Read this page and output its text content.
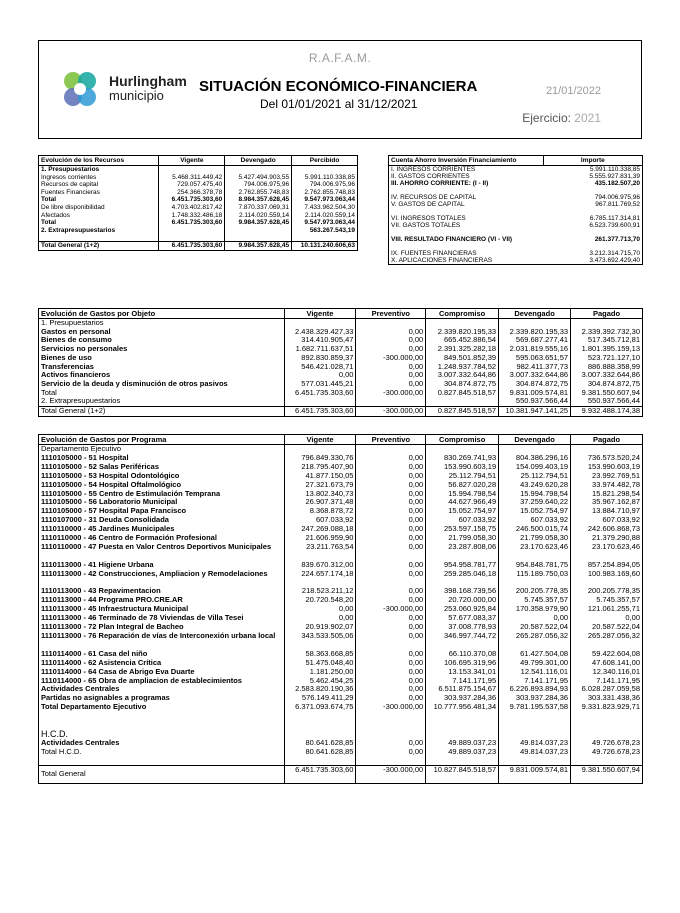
R.A.F.A.M.
Hurlingham
municipio
SITUACIÓN ECONÓMICO-FINANCIERA
Del 01/01/2021 al 31/12/2021
21/01/2022
Ejercicio: 2021
Evolución de los Recursos	Vigente	Devengado	Percibido
1. Presupuestarios			
Ingresos corrientes	5.468.311.449,42	5.427.494.903,55	5.991.110.338,85
Recursos de capital	729.057.475,40	794.006.975,96	794.006.975,96
Fuentes Financieras	254.366.378,78	2.762.855.748,83	2.762.855.748,83
Total	6.451.735.303,60	8.984.357.628,45	9.547.973.063,44
De libre disponibilidad	4.703.402.817,42	7.870.337.069,31	7.433.962.504,30
Afectados	1.748.332.486,18	2.114.020.559,14	2.114.020.559,14
Total	6.451.735.303,60	9.984.357.628,45	9.547.973.063,44
2. Extrapresupuestarios			563.267.543,19

Total General (1+2)	6.451.735.303,60	9.984.357.628,45	10.131.240.606,63
Cuenta Ahorro Inversión Financiamiento	Importe
I. INGRESOS CORRIENTES	5.991.110.338,85
II. GASTOS CORRIENTES	5.555.927.831,39
III. AHORRO CORRIENTE: (I - II)	435.182.507,20

IV. RECURSOS DE CAPITAL	794.006.975,96
V. GASTOS DE CAPITAL	967.811.769,52

VI. INGRESOS TOTALES	6.785.117.314,81
VII. GASTOS TOTALES	6.523.739.600,91

VIII. RESULTADO FINANCIERO (VI - VII)	261.377.713,70

IX. FUENTES FINANCIERAS	3.212.314.715,70
X. APLICACIONES FINANCIERAS	3.473.692.429,40
Evolución de Gastos por Objeto	Vigente	Preventivo	Compromiso	Devengado	Pagado
1. Presupuestarios					
Gastos en personal	2.438.329.427,33	0,00	2.339.820.195,33	2.339.820.195,33	2.339.392.732,30
Bienes de consumo	314.410.905,47	0,00	665.452.886,54	569.687.277,41	517.345.712,81
Servicios no personales	1.682.711.637,51	0,00	2.391.325.282,18	2.031.819.555,16	1.801.395.159,13
Bienes de uso	892.830.859,37	-300.000,00	849.501.852,39	595.063.651,57	523.721.127,10
Transferencias	546.421.028,71	0,00	1.248.937.784,52	982.411.377,73	886.888.358,99
Activos financieros	0,00	0,00	3.007.332.644,86	3.007.332.644,86	3.007.332.644,86
Servicio de la deuda y disminución de otros pasivos	577.031.445,21	0,00	304.874.872,75	304.874.872,75	304.874.872,75
Total	6.451.735.303,60	-300.000,00	0.827.845.518,57	9.831.009.574,81	9.381.550.607,94
2. Extrapresupuestarios				550.937.566,44	550.937.566,44
Total General (1+2)	6.451.735.303,60	-300.000,00	0.827.845.518,57	10.381.947.141,25	9.932.488.174,38
Evolución de Gastos por Programa	Vigente	Preventivo	Compromiso	Devengado	Pagado
Departamento Ejecutivo					
1110105000 - 51 Hospital	796.849.330,76	0,00	830.269.741,93	804.386.296,16	736.573.520,24
1110105000 - 52 Salas Periféricas	218.795.407,90	0,00	153.990.603,19	154.099.403,19	153.990.603,19
1110105000 - 53 Hospital Odontológico	41.877.150,05	0,00	25.112.794,51	25.112.794,51	23.992.769,51
1110105000 - 54 Hospital Oftalmológico	27.321.673,79	0,00	56.827.020,28	43.249.620,28	33.974.482,78
1110105000 - 55 Centro de Estimulación Temprana	13.802.340,73	0,00	15.994.798,54	15.994.798,54	15.821.298,54
1110105000 - 56 Laboratorio Municipal	26.907.371,48	0,00	44.627.966,49	37.259.640,22	35.967.162,87
1110105000 - 57 Hospital Papa Francisco	8.368.878,72	0,00	15.052.754,97	15.052.754,97	13.884.710,97
1110107000 - 31 Deuda Consolidada	607.033,92	0,00	607.033,92	607.033,92	607.033,92
1110110000 - 45 Jardines Municipales	247.269.088,18	0,00	253.597.158,75	246.500.015,74	242.606.868,73
1110110000 - 46 Centro de Formación Profesional	21.606.959,90	0,00	21.799.058,30	21.799.058,30	21.379.290,88
1110110000 - 47 Puesta en Valor Centros Deportivos Municipales	23.211.763,54	0,00	23.287.808,06	23.170.623,46	23.170.623,46
1110113000 - 41 Higiene Urbana	839.670.312,00	0,00	954.958.781,77	954.848.781,75	857.254.894,05
1110113000 - 42 Construcciones, Ampliacion y Remodelaciones	224.657.174,18	0,00	259.285.046,18	115.189.750,03	100.983.169,60
1110113000 - 43 Repavimentacion	218.523.211,12	0,00	398.168.739,56	200.205.778,35	200.205.778,35
1110113000 - 44 Programa PRO.CRE.AR	20.720.548,20	0,00	20.720.000,00	5.745.357,57	5.745.357,57
1110113000 - 45 Infraestructura Municipal	0,00	-300.000,00	253.060.925,84	170.358.979,90	121.061.255,71
1110113000 - 46 Terminado de 78 Viviendas de Villa Tesei	0,00	0,00	57.677.083,37	0,00	0,00
1110113000 - 72 Plan Integral de Bacheo	20.919.902,07	0,00	37.008.778,93	20.587.522,04	20.587.522,04
1110113000 - 76 Reparación de vías de Interconexión urbana local	343.533.505,06	0,00	346.997.744,72	265.287.056,32	265.287.056,32
1110114000 - 61 Casa del niño	58.363.668,85	0,00	66.110.370,08	61.427.504,08	59.422.604,08
1110114000 - 62 Asistencia Crítica	51.475.048,40	0,00	106.695.319,96	49.799.301,00	47.608.141,00
1110114000 - 64 Casa de Abrigo Eva Duarte	1.181.250,00	0,00	13.153.341,01	12.541.116,01	12.340.116,01
1110114000 - 65 Obra de ampliacion de establecimientos	5.462.454,25	0,00	7.141.171,95	7.141.171,95	7.141.171,95
Actividades Centrales	2.583.820.190,36	0,00	6.511.875.154,67	6.226.893.894,93	6.028.287.059,58
Partidas no asignables a programas	576.149.411,29	0,00	303.937.284,36	303.937.284,36	303.331.438,36
Total Departamento Ejecutivo	6.371.093.674,75	-300.000,00	10.777.956.481,34	9.781.195.537,58	9.331.823.929,71

H.C.D.					
Actividades Centrales	80.641.628,85	0,00	49.889.037,23	49.814.037,23	49.726.678,23
Total H.C.D.	80.641.628,85	0,00	49.889.037,23	49.814.037,23	49.726.678,23

Total General	6.451.735.303,60	-300.000,00	10.827.845.518,57	9.831.009.574,81	9.381.550.607,94
